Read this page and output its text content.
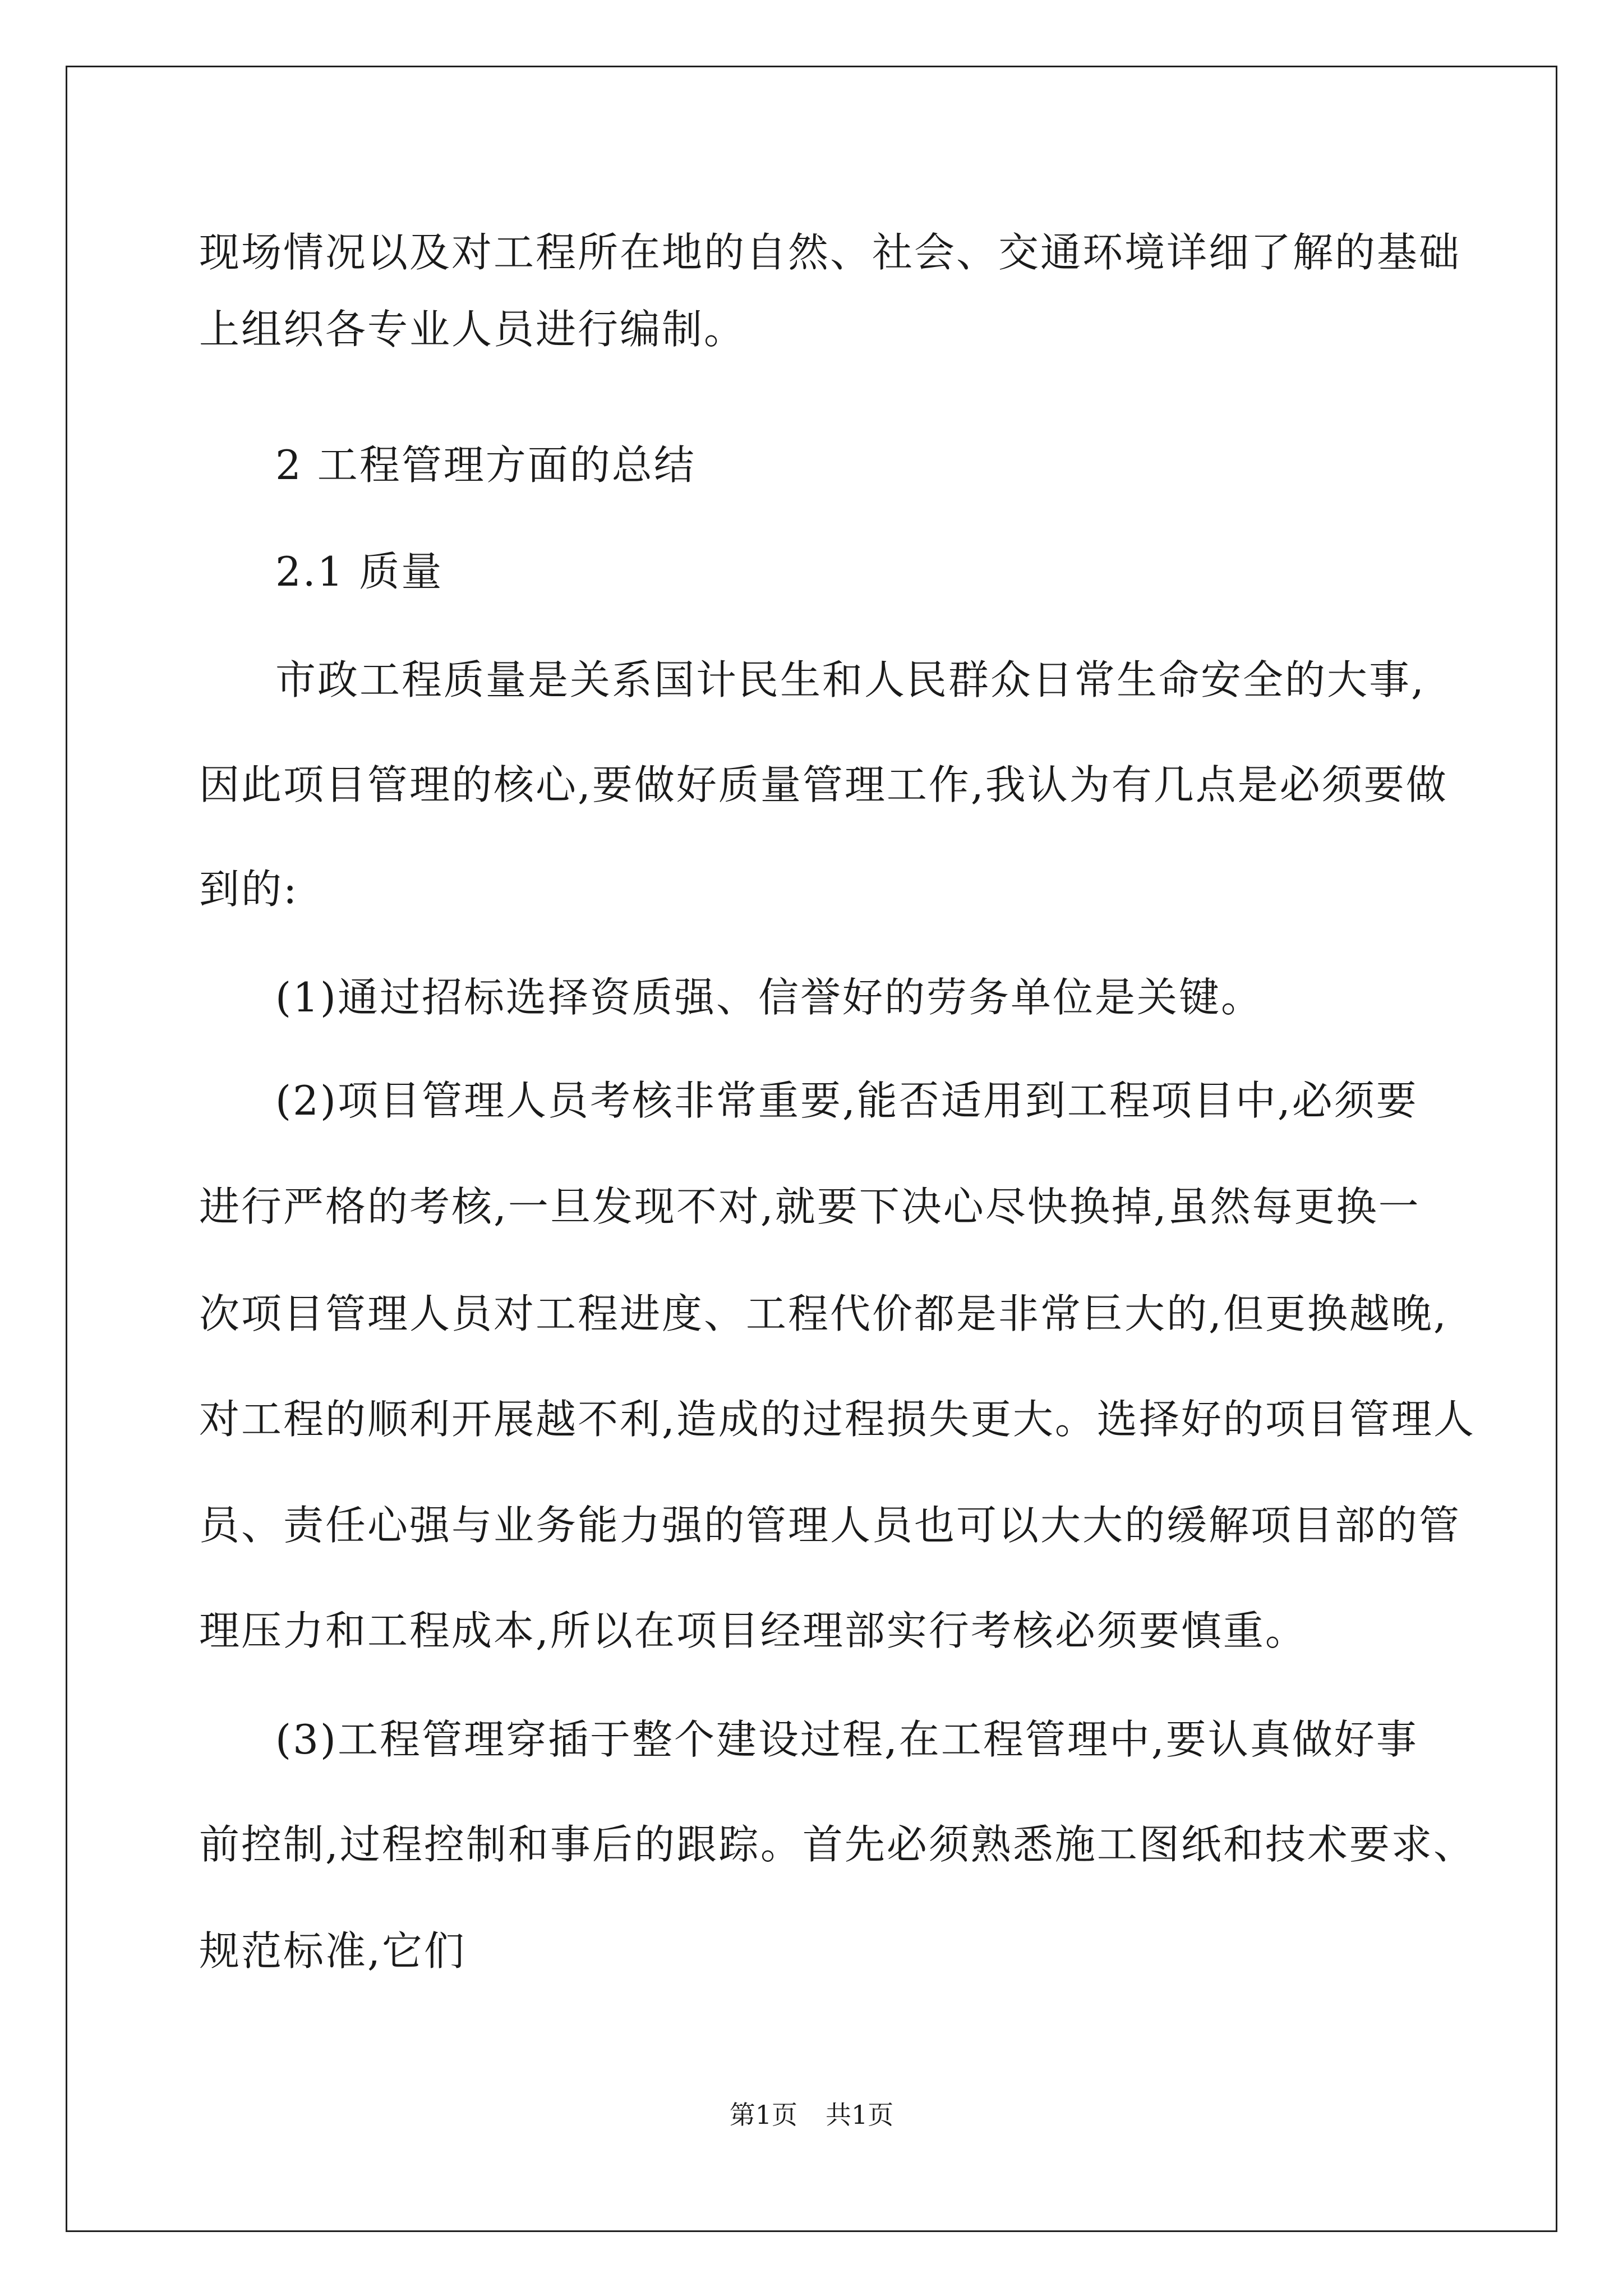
现场情况以及对工程所在地的自然、社会、交通环境详细了解的基础
上组织各专业人员进行编制。
2 工程管理方面的总结
2.1 质量
市政工程质量是关系国计民生和人民群众日常生命安全的大事,
因此项目管理的核心,要做好质量管理工作,我认为有几点是必须要做
到的:
(1)通过招标选择资质强、信誉好的劳务单位是关键。
(2)项目管理人员考核非常重要,能否适用到工程项目中,必须要
进行严格的考核,一旦发现不对,就要下决心尽快换掉,虽然每更换一
次项目管理人员对工程进度、工程代价都是非常巨大的,但更换越晚,
对工程的顺利开展越不利,造成的过程损失更大。选择好的项目管理人
员、责任心强与业务能力强的管理人员也可以大大的缓解项目部的管
理压力和工程成本,所以在项目经理部实行考核必须要慎重。
(3)工程管理穿插于整个建设过程,在工程管理中,要认真做好事
前控制,过程控制和事后的跟踪。首先必须熟悉施工图纸和技术要求、
规范标准,它们
第1页 共1页
